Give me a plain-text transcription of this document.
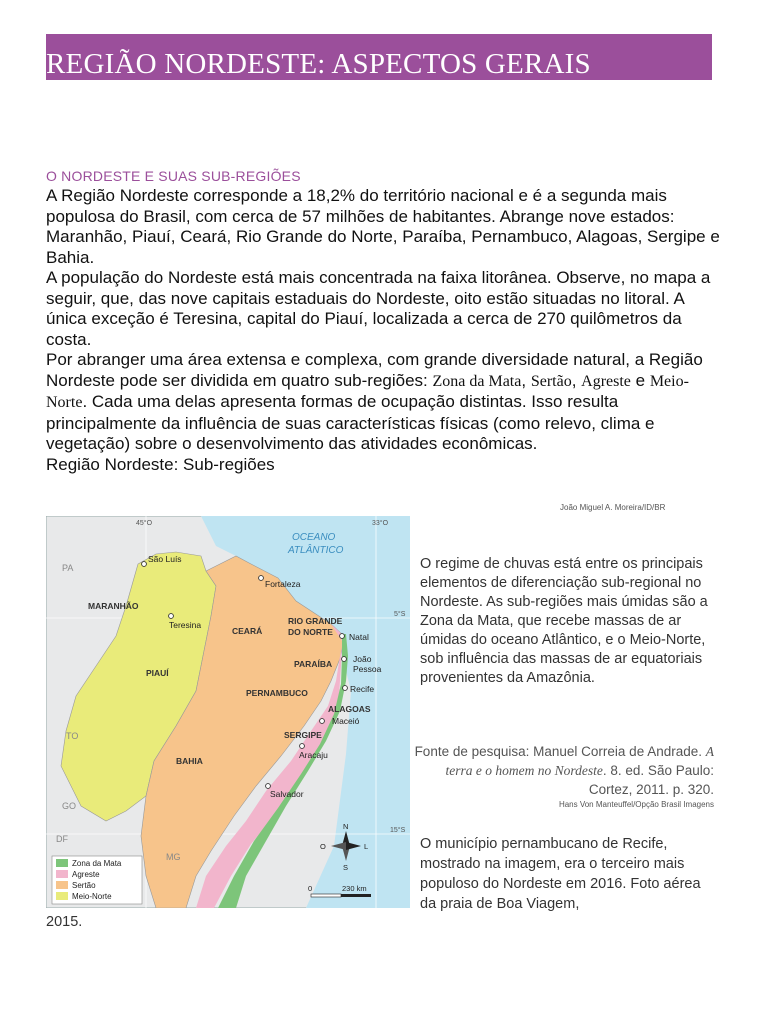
REGIÃO NORDESTE: ASPECTOS GERAIS
O NORDESTE E SUAS SUB-REGIÕES

A Região Nordeste corresponde a 18,2% do território nacional e é a segunda mais populosa do Brasil, com cerca de 57 milhões de habitantes. Abrange nove estados: Maranhão, Piauí, Ceará, Rio Grande do Norte, Paraíba, Pernambuco, Alagoas, Sergipe e Bahia.

A população do Nordeste está mais concentrada na faixa litorânea. Observe, no mapa a seguir, que, das nove capitais estaduais do Nordeste, oito estão situadas no litoral. A única exceção é Teresina, capital do Piauí, localizada a cerca de 270 quilômetros da costa.

Por abranger uma área extensa e complexa, com grande diversidade natural, a Região Nordeste pode ser dividida em quatro sub-regiões: Zona da Mata, Sertão, Agreste e Meio-Norte. Cada uma delas apresenta formas de ocupação distintas. Isso resulta principalmente da influência de suas características físicas (como relevo, clima e vegetação) sobre o desenvolvimento das atividades econômicas.

Região Nordeste: Sub-regiões

João Miguel A. Moreira/ID/BR
MARANHÃO
PIAUÍ
CEARÁ
RIO GRANDE
DO NORTE
PARAÍBA
PERNAMBUCO
ALAGOAS
SERGIPE
BAHIA
PA
TO
GO
DF
MG
OCEANO
ATLÂNTICO
45°O	33°O
5°S
15°S
São Luís
Teresina
Fortaleza
Natal
João
Pessoa
Recife
Maceió
Aracaju
Salvador
N
S
L
O
0	230 km
Zona da Mata
Agreste
Sertão
Meio-Norte
O regime de chuvas está entre os principais elementos de diferenciação sub-regional no Nordeste. As sub-regiões mais úmidas são a Zona da Mata, que recebe massas de ar úmidas do oceano Atlântico, e o Meio-Norte, sob influência das massas de ar equatoriais provenientes da Amazônia.
Fonte de pesquisa: Manuel Correia de Andrade. A terra e o homem no Nordeste. 8. ed. São Paulo: Cortez, 2011. p. 320.
Hans Von Manteuffel/Opção Brasil Imagens
O município pernambucano de Recife, mostrado na imagem, era o terceiro mais populoso do Nordeste em 2016. Foto aérea da praia de Boa Viagem,
2015.
